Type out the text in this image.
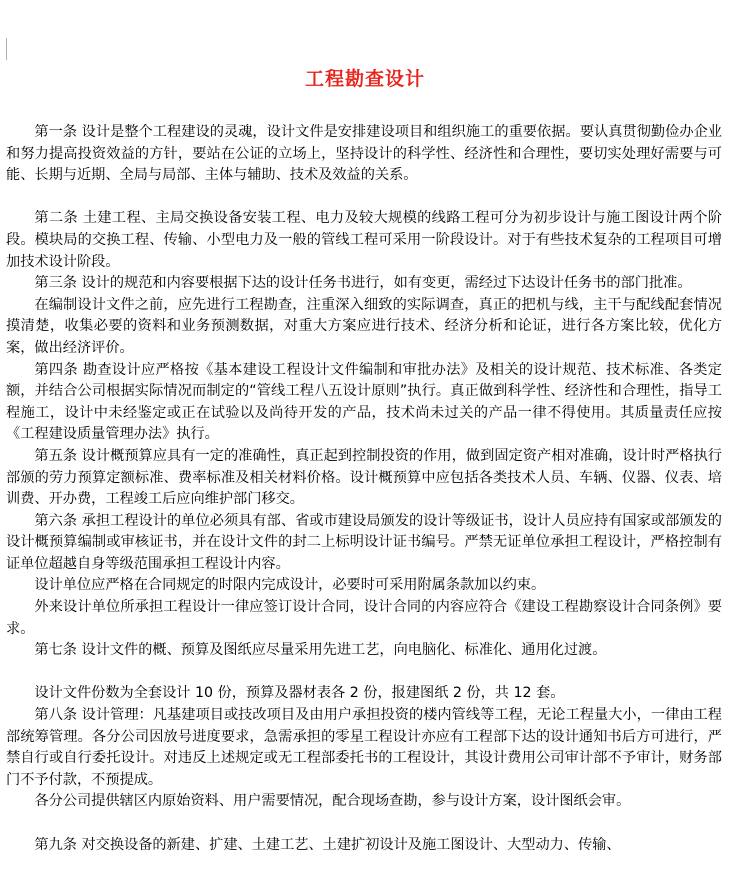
工程勘查设计

第一条 设计是整个工程建设的灵魂，设计文件是安排建设项目和组织施工的重要依据。要认真贯彻勤俭办企业和努力提高投资效益的方针，要站在公证的立场上，坚持设计的科学性、经济性和合理性，要切实处理好需要与可能、长期与近期、全局与局部、主体与辅助、技术及效益的关系。

第二条 土建工程、主局交换设备安装工程、电力及较大规模的线路工程可分为初步设计与施工图设计两个阶段。模块局的交换工程、传输、小型电力及一般的管线工程可采用一阶段设计。对于有些技术复杂的工程项目可增加技术设计阶段。

第三条 设计的规范和内容要根据下达的设计任务书进行，如有变更，需经过下达设计任务书的部门批准。

在编制设计文件之前，应先进行工程勘查，注重深入细致的实际调查，真正的把机与线，主干与配线配套情况摸清楚，收集必要的资料和业务预测数据，对重大方案应进行技术、经济分析和论证，进行各方案比较，优化方案，做出经济评价。

第四条 勘查设计应严格按《基本建设工程设计文件编制和审批办法》及相关的设计规范、技术标准、各类定额，并结合公司根据实际情况而制定的“管线工程八五设计原则”执行。真正做到科学性、经济性和合理性，指导工程施工，设计中未经鉴定或正在试验以及尚待开发的产品，技术尚未过关的产品一律不得使用。其质量责任应按《工程建设质量管理办法》执行。

第五条 设计概预算应具有一定的准确性，真正起到控制投资的作用，做到固定资产相对准确，设计时严格执行部颁的劳力预算定额标准、费率标准及相关材料价格。设计概预算中应包括各类技术人员、车辆、仪器、仪表、培训费、开办费，工程竣工后应向维护部门移交。

第六条 承担工程设计的单位必须具有部、省或市建设局颁发的设计等级证书，设计人员应持有国家或部颁发的设计概预算编制或审核证书，并在设计文件的封二上标明设计证书编号。严禁无证单位承担工程设计，严格控制有证单位超越自身等级范围承担工程设计内容。

设计单位应严格在合同规定的时限内完成设计，必要时可采用附属条款加以约束。

外来设计单位所承担工程设计一律应签订设计合同，设计合同的内容应符合《建设工程勘察设计合同条例》要求。

第七条 设计文件的概、预算及图纸应尽量采用先进工艺，向电脑化、标准化、通用化过渡。

设计文件份数为全套设计 10 份，预算及器材表各 2 份，报建图纸 2 份，共 12 套。

第八条 设计管理：凡基建项目或技改项目及由用户承担投资的楼内管线等工程，无论工程量大小，一律由工程部统筹管理。各分公司因放号进度要求，急需承担的零星工程设计亦应有工程部下达的设计通知书后方可进行，严禁自行或自行委托设计。对违反上述规定或无工程部委托书的工程设计，其设计费用公司审计部不予审计，财务部门不予付款，不预提成。

各分公司提供辖区内原始资料、用户需要情况，配合现场查勘，参与设计方案，设计图纸会审。

第九条 对交换设备的新建、扩建、土建工艺、土建扩初设计及施工图设计、大型动力、传输、
